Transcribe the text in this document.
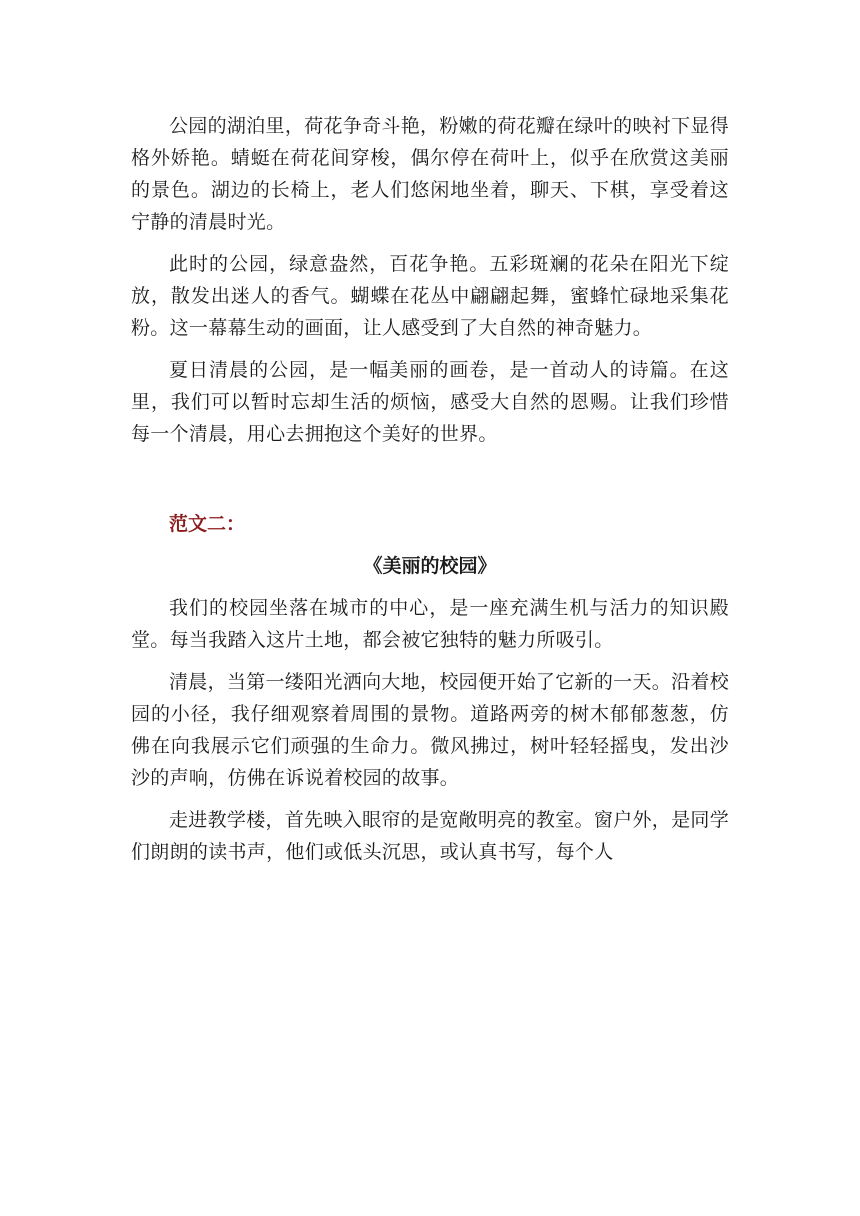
公园的湖泊里，荷花争奇斗艳，粉嫩的荷花瓣在绿叶的映衬下显得格外娇艳。蜻蜓在荷花间穿梭，偶尔停在荷叶上，似乎在欣赏这美丽的景色。湖边的长椅上，老人们悠闲地坐着，聊天、下棋，享受着这宁静的清晨时光。

此时的公园，绿意盎然，百花争艳。五彩斑斓的花朵在阳光下绽放，散发出迷人的香气。蝴蝶在花丛中翩翩起舞，蜜蜂忙碌地采集花粉。这一幕幕生动的画面，让人感受到了大自然的神奇魅力。

夏日清晨的公园，是一幅美丽的画卷，是一首动人的诗篇。在这里，我们可以暂时忘却生活的烦恼，感受大自然的恩赐。让我们珍惜每一个清晨，用心去拥抱这个美好的世界。

范文二：
《美丽的校园》

我们的校园坐落在城市的中心，是一座充满生机与活力的知识殿堂。每当我踏入这片土地，都会被它独特的魅力所吸引。

清晨，当第一缕阳光洒向大地，校园便开始了它新的一天。沿着校园的小径，我仔细观察着周围的景物。道路两旁的树木郁郁葱葱，仿佛在向我展示它们顽强的生命力。微风拂过，树叶轻轻摇曳，发出沙沙的声响，仿佛在诉说着校园的故事。

走进教学楼，首先映入眼帘的是宽敞明亮的教室。窗户外，是同学们朗朗的读书声，他们或低头沉思，或认真书写，每个人
